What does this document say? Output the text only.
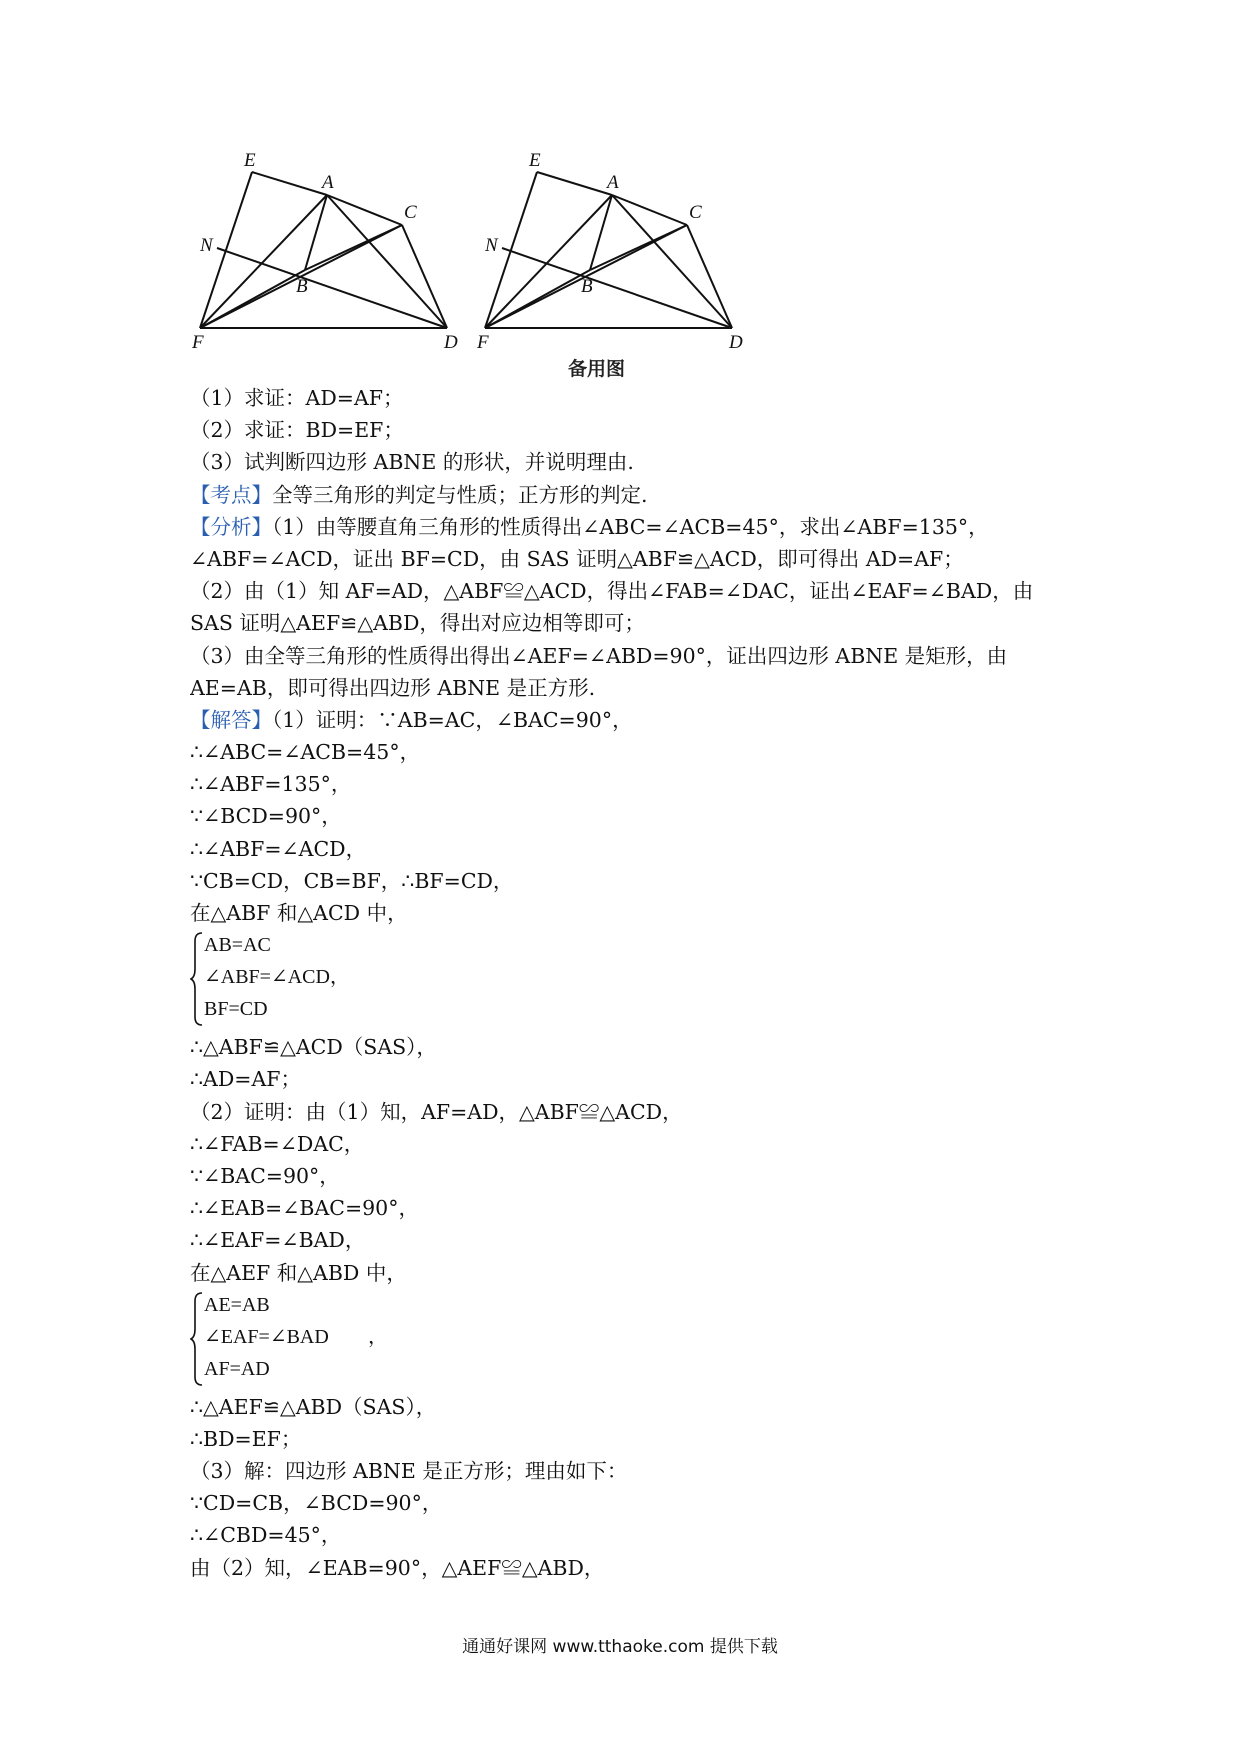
E
A
C
N
B
F	D
E
A
C
N
B
F	D
备用图
（1）求证：AD=AF；
（2）求证：BD=EF；
（3）试判断四边形 ABNE 的形状，并说明理由.
【考点】全等三角形的判定与性质；正方形的判定.
【分析】（1）由等腰直角三角形的性质得出∠ABC=∠ACB=45°，求出∠ABF=135°，
∠ABF=∠ACD，证出 BF=CD，由 SAS 证明△ABF≌△ACD，即可得出 AD=AF；
（2）由（1）知 AF=AD，△ABF≌△ACD，得出∠FAB=∠DAC，证出∠EAF=∠BAD，由
SAS 证明△AEF≌△ABD，得出对应边相等即可；
（3）由全等三角形的性质得出得出∠AEF=∠ABD=90°，证出四边形 ABNE 是矩形，由
AE=AB，即可得出四边形 ABNE 是正方形.
【解答】（1）证明：∵AB=AC，∠BAC=90°，
∴∠ABC=∠ACB=45°，
∴∠ABF=135°，
∵∠BCD=90°，
∴∠ABF=∠ACD，
∵CB=CD，CB=BF，∴BF=CD，
在△ABF 和△ACD 中，
AB=AC
∠ABF=∠ACD，
BF=CD
∴△ABF≌△ACD（SAS），
∴AD=AF；
（2）证明：由（1）知，AF=AD，△ABF≌△ACD，
∴∠FAB=∠DAC，
∵∠BAC=90°，
∴∠EAB=∠BAC=90°，
∴∠EAF=∠BAD，
在△AEF 和△ABD 中，
AE=AB
∠EAF=∠BAD
AF=AD
，
∴△AEF≌△ABD（SAS），
∴BD=EF；
（3）解：四边形 ABNE 是正方形；理由如下：
∵CD=CB，∠BCD=90°，
∴∠CBD=45°，
由（2）知，∠EAB=90°，△AEF≌△ABD，
通通好课网 www.tthaoke.com 提供下载
